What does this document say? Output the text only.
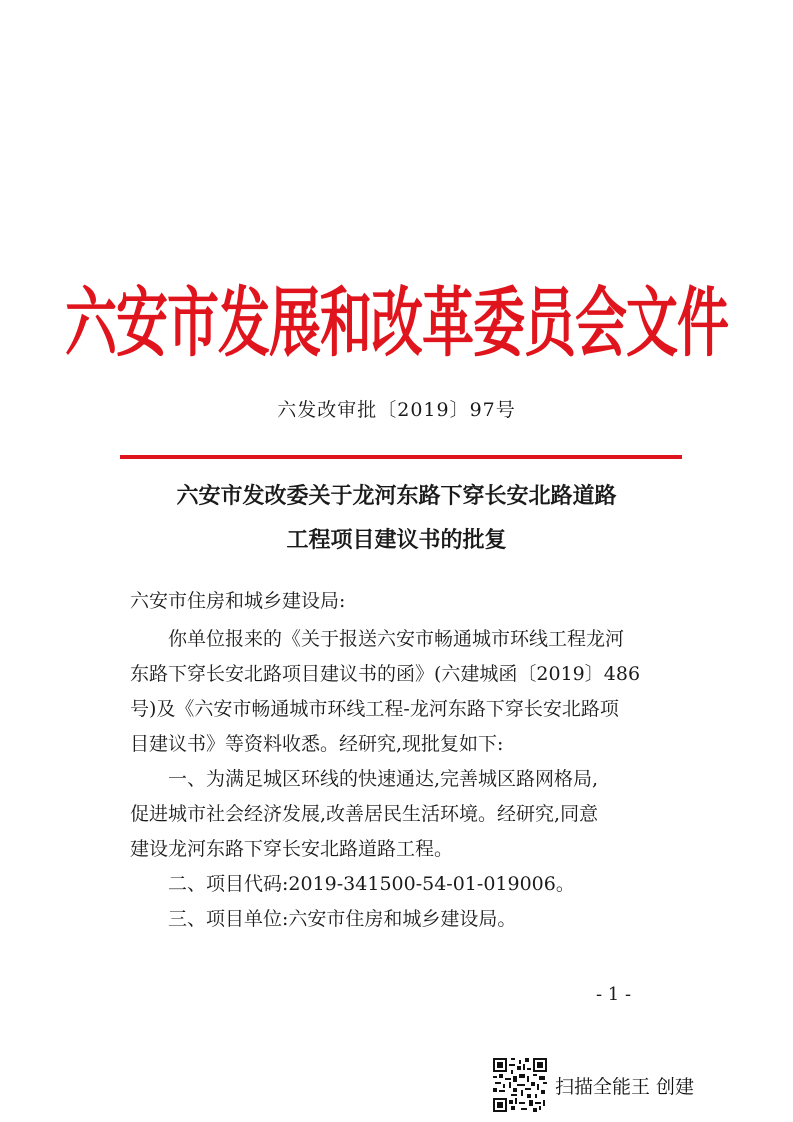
六安市发展和改革委员会文件
六发改审批〔2019〕97号
六安市发改委关于龙河东路下穿长安北路道路
工程项目建议书的批复
六安市住房和城乡建设局:
你单位报来的《关于报送六安市畅通城市环线工程龙河
东路下穿长安北路项目建议书的函》(六建城函〔2019〕486
号)及《六安市畅通城市环线工程-龙河东路下穿长安北路项
目建议书》等资料收悉。经研究,现批复如下:
一、为满足城区环线的快速通达,完善城区路网格局,
促进城市社会经济发展,改善居民生活环境。经研究,同意
建设龙河东路下穿长安北路道路工程。
二、项目代码:2019-341500-54-01-019006。
三、项目单位:六安市住房和城乡建设局。
- 1 -
扫描全能王 创建
